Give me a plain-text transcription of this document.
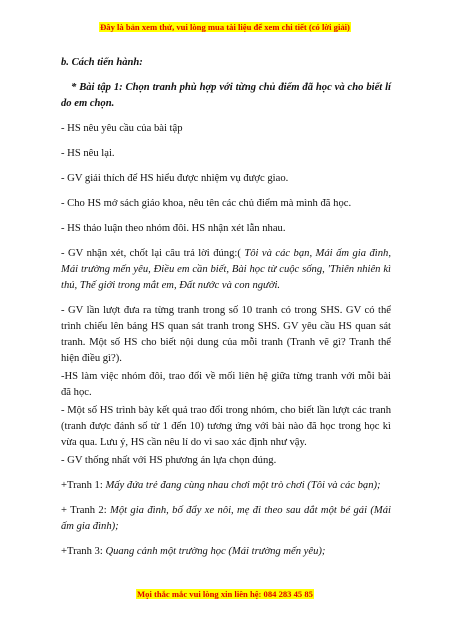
Đây là bản xem thử, vui lòng mua tài liệu để xem chi tiết (có lời giải)

b. Cách tiến hành:

* Bài tập 1: Chọn tranh phù hợp với từng chủ điểm đã học và cho biết lí do em chọn.

- HS nêu yêu cầu của bài tập

- HS nêu lại.

- GV giải thích để HS hiểu được nhiệm vụ được giao.

- Cho HS mở sách giáo khoa, nêu tên các chủ điểm mà mình đã học.

- HS thảo luận theo nhóm đôi. HS nhận xét lẫn nhau.

- GV nhận xét, chốt lại câu trả lời đúng:( Tôi và các bạn, Mái ấm gia đình, Mái trường mến yêu, Điều em cần biết, Bài học từ cuộc sống, 'Thiên nhiên kì thú, Thế giới trong mắt em, Đất nước và con người.

- GV lần lượt đưa ra từng tranh trong số 10 tranh có trong SHS. GV có thể trình chiếu lên bảng HS quan sát tranh trong SHS. GV yêu cầu HS quan sát tranh. Một số HS cho biết nội dung của mỗi tranh (Tranh vẽ gì? Tranh thể hiện điều gì?).

-HS làm việc nhóm đôi, trao đổi về mối liên hệ giữa từng tranh với mỗi bài đã học.

- Một số HS trình bày kết quả trao đổi trong nhóm, cho biết lần lượt các tranh (tranh được đánh số từ 1 đến 10) tương ứng với bài nào đã học trong học kì vừa qua. Lưu ý, HS cần nêu lí do vì sao xác định như vậy.

- GV thống nhất với HS phương án lựa chọn đúng.

+Tranh 1: Mấy đứa trẻ đang cùng nhau chơi một trò chơi (Tôi và các bạn);

+ Tranh 2: Một gia đình, bố đẩy xe nôi, mẹ đi theo sau dắt một bé gái (Mái ấm gia đình);

+Tranh 3: Quang cảnh một trường học (Mái trường mến yêu);

Mọi thắc mắc vui lòng xin liên hệ: 084 283 45 85
